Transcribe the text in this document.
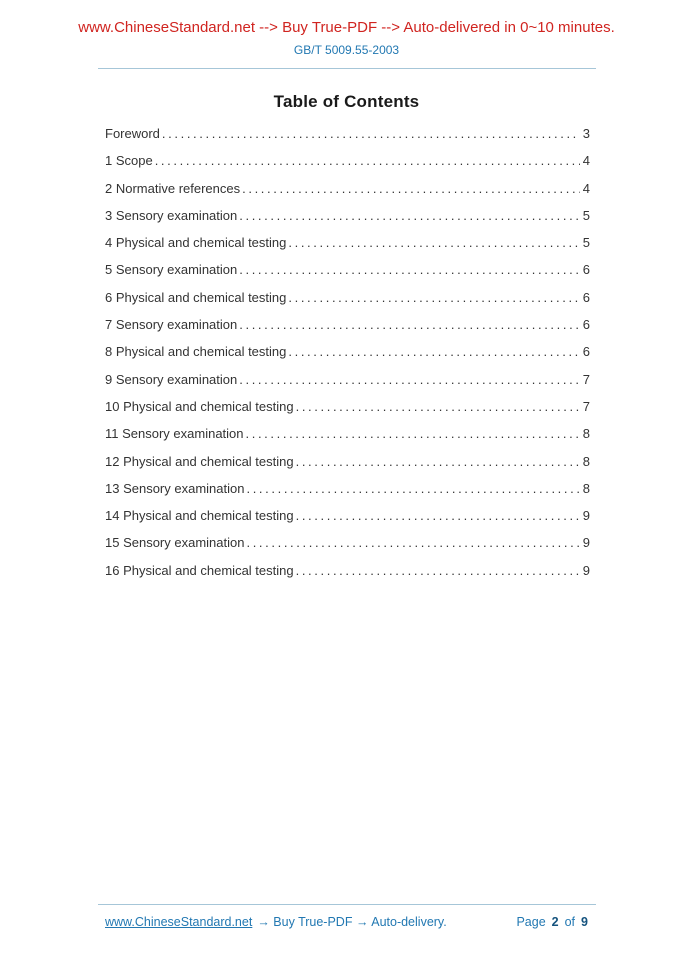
www.ChineseStandard.net --> Buy True-PDF --> Auto-delivered in 0~10 minutes.
GB/T 5009.55-2003
Table of Contents
Foreword . . .	3
1 Scope . . .	4
2 Normative references . . .	4
3 Sensory examination . . .	5
4 Physical and chemical testing . . .	5
5 Sensory examination . . .	6
6 Physical and chemical testing . . .	6
7 Sensory examination . . .	6
8 Physical and chemical testing . . .	6
9 Sensory examination . . .	7
10 Physical and chemical testing . . .	7
11 Sensory examination . . .	8
12 Physical and chemical testing . . .	8
13 Sensory examination . . .	8
14 Physical and chemical testing . . .	9
15 Sensory examination . . .	9
16 Physical and chemical testing . . .	9
www.ChineseStandard.net → Buy True-PDF → Auto-delivery.	Page 2 of 9
